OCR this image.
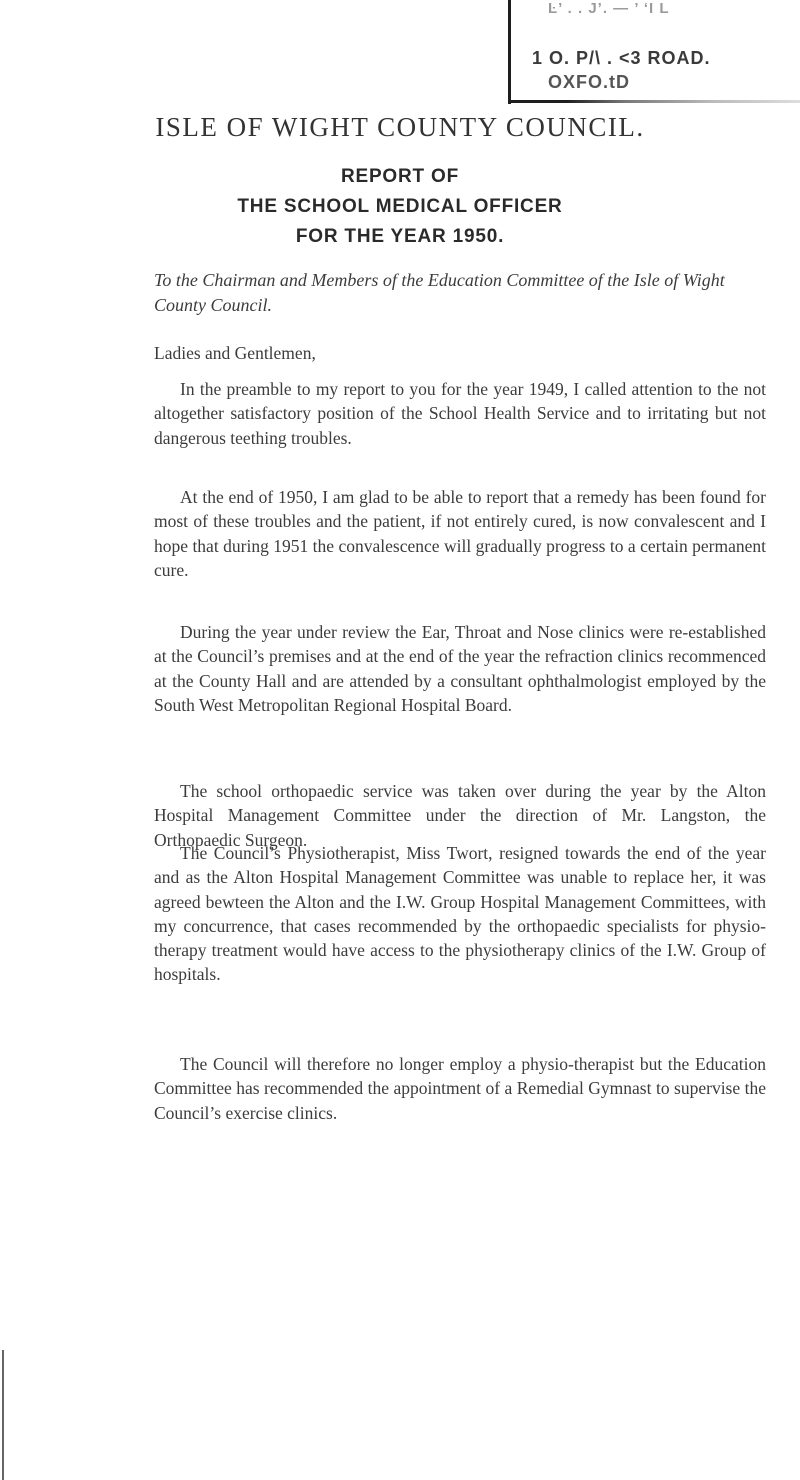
Ŀ’ . . J’. — ’ ‘I L
1 O. P/\ . <3 ROAD.
OXFO.tD
ISLE OF WIGHT COUNTY COUNCIL.
REPORT OF
THE SCHOOL MEDICAL OFFICER
FOR THE YEAR 1950.
To the Chairman and Members of the Education Committee of the Isle of Wight County Council.
Ladies and Gentlemen,

In the preamble to my report to you for the year 1949, I called attention to the not altogether satisfactory position of the School Health Service and to irritating but not dangerous teething troubles.

At the end of 1950, I am glad to be able to report that a remedy has been found for most of these troubles and the patient, if not entirely cured, is now convalescent and I hope that during 1951 the convalescence will gradually progress to a certain permanent cure.

During the year under review the Ear, Throat and Nose clinics were re-established at the Council’s premises and at the end of the year the refraction clinics recommenced at the County Hall and are attended by a consultant ophthalmologist employed by the South West Metropolitan Regional Hospital Board.

The school orthopaedic service was taken over during the year by the Alton Hospital Management Committee under the direction of Mr. Langston, the Orthopaedic Surgeon.

The Council’s Physiotherapist, Miss Twort, resigned towards the end of the year and as the Alton Hospital Management Committee was unable to replace her, it was agreed bewteen the Alton and the I.W. Group Hospital Management Committees, with my concurrence, that cases recommended by the orthopaedic specialists for physio-therapy treatment would have access to the physiotherapy clinics of the I.W. Group of hospitals.

The Council will therefore no longer employ a physio-therapist but the Education Committee has recommended the appointment of a Remedial Gymnast to supervise the Council’s exercise clinics.
